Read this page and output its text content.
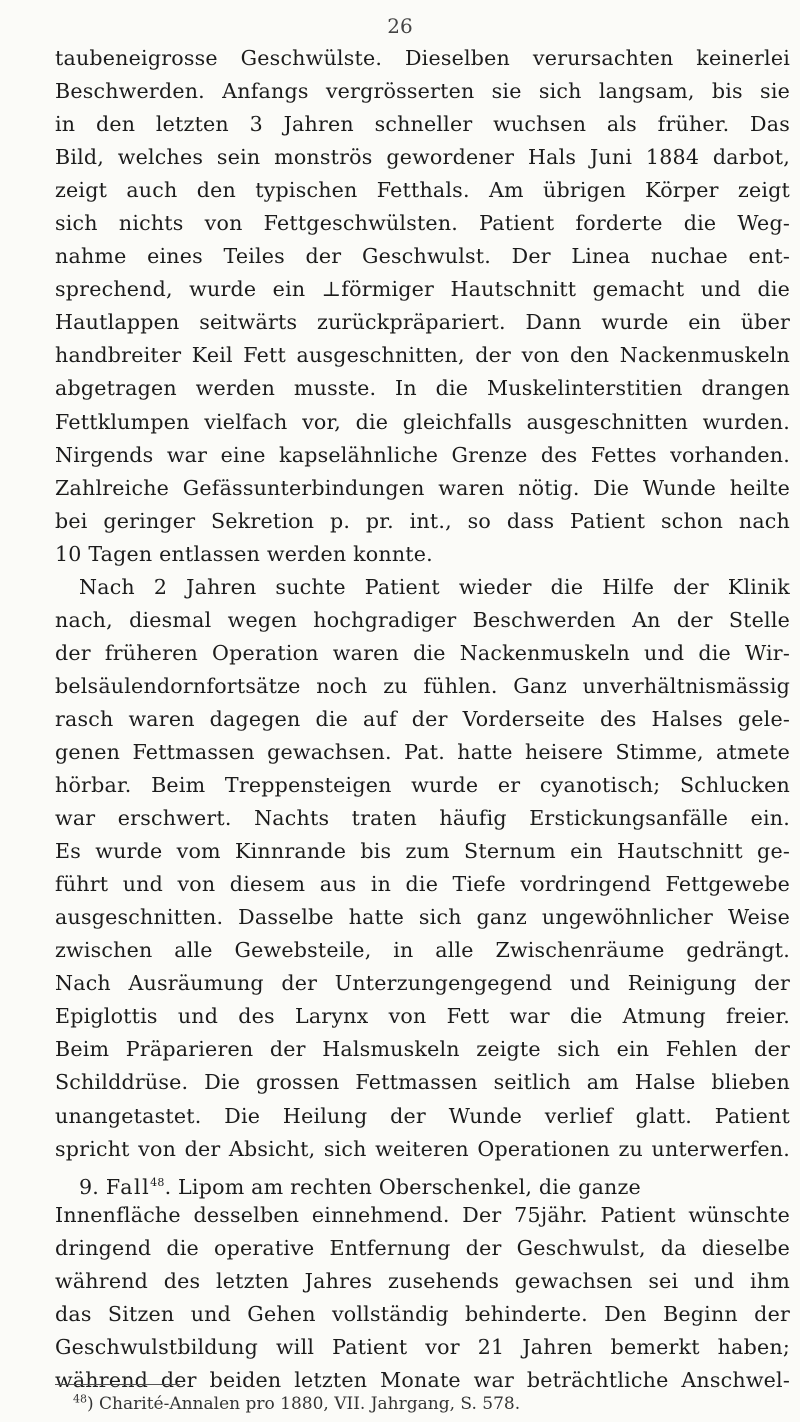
26
taubeneigrosse Geschwülste. Dieselben verursachten keinerlei
Beschwerden. Anfangs vergrösserten sie sich langsam, bis sie
in den letzten 3 Jahren schneller wuchsen als früher. Das
Bild, welches sein monströs gewordener Hals Juni 1884 darbot,
zeigt auch den typischen Fetthals. Am übrigen Körper zeigt
sich nichts von Fettgeschwülsten. Patient forderte die Weg-
nahme eines Teiles der Geschwulst. Der Linea nuchae ent-
sprechend, wurde ein ⊥förmiger Hautschnitt gemacht und die
Hautlappen seitwärts zurückpräpariert. Dann wurde ein über
handbreiter Keil Fett ausgeschnitten, der von den Nackenmuskeln
abgetragen werden musste. In die Muskelinterstitien drangen
Fettklumpen vielfach vor, die gleichfalls ausgeschnitten wurden.
Nirgends war eine kapselähnliche Grenze des Fettes vorhanden.
Zahlreiche Gefässunterbindungen waren nötig. Die Wunde heilte
bei geringer Sekretion p. pr. int., so dass Patient schon nach
10 Tagen entlassen werden konnte.
Nach 2 Jahren suchte Patient wieder die Hilfe der Klinik
nach, diesmal wegen hochgradiger Beschwerden An der Stelle
der früheren Operation waren die Nackenmuskeln und die Wir-
belsäulendornfortsätze noch zu fühlen. Ganz unverhältnismässig
rasch waren dagegen die auf der Vorderseite des Halses gele-
genen Fettmassen gewachsen. Pat. hatte heisere Stimme, atmete
hörbar. Beim Treppensteigen wurde er cyanotisch; Schlucken
war erschwert. Nachts traten häufig Erstickungsanfälle ein.
Es wurde vom Kinnrande bis zum Sternum ein Hautschnitt ge-
führt und von diesem aus in die Tiefe vordringend Fettgewebe
ausgeschnitten. Dasselbe hatte sich ganz ungewöhnlicher Weise
zwischen alle Gewebsteile, in alle Zwischenräume gedrängt.
Nach Ausräumung der Unterzungengegend und Reinigung der
Epiglottis und des Larynx von Fett war die Atmung freier.
Beim Präparieren der Halsmuskeln zeigte sich ein Fehlen der
Schilddrüse. Die grossen Fettmassen seitlich am Halse blieben
unangetastet. Die Heilung der Wunde verlief glatt. Patient
spricht von der Absicht, sich weiteren Operationen zu unterwerfen.
9. Fall$^{48}$. Lipom am rechten Oberschenkel, die ganze
Innenfläche desselben einnehmend. Der 75jähr. Patient wünschte
dringend die operative Entfernung der Geschwulst, da dieselbe
während des letzten Jahres zusehends gewachsen sei und ihm
das Sitzen und Gehen vollständig behinderte. Den Beginn der
Geschwulstbildung will Patient vor 21 Jahren bemerkt haben;
während der beiden letzten Monate war beträchtliche Anschwel-
$^{48}$) Charité-Annalen pro 1880, VII. Jahrgang, S. 578.
